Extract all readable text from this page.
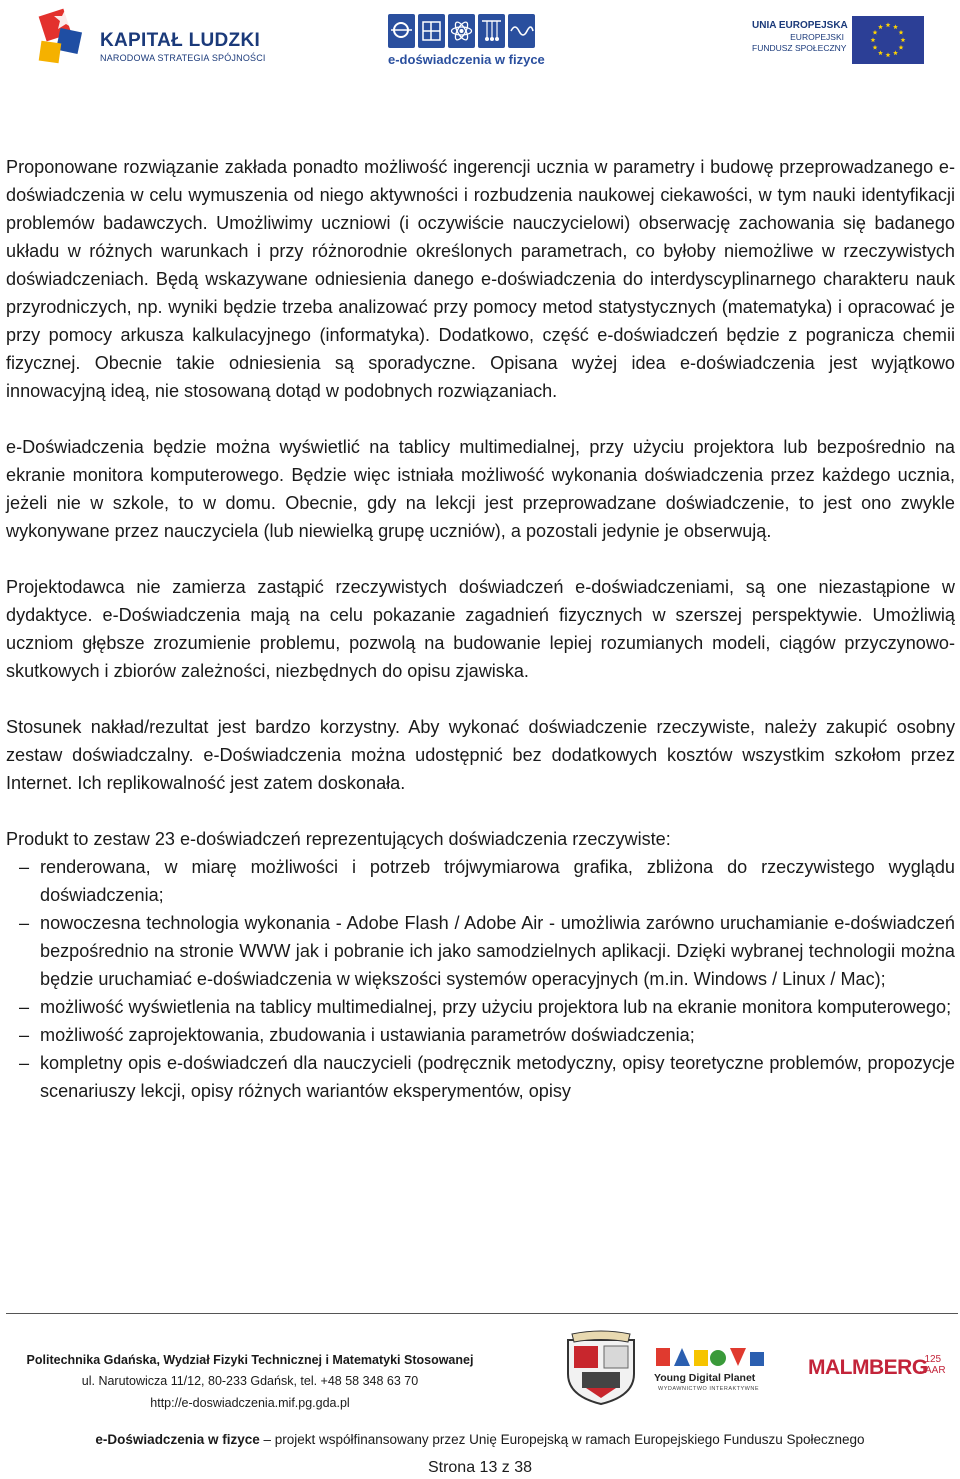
KAPITAŁ LUDZKI
NARODOWA STRATEGIA SPÓJNOŚCI	e-doświadczenia w fizyce
UNIA EUROPEJSKA
EUROPEJSKI
FUNDUSZ SPOŁECZNY

Proponowane rozwiązanie zakłada ponadto możliwość ingerencji ucznia w parametry i budowę przeprowadzanego e-doświadczenia w celu wymuszenia od niego aktywności i rozbudzenia naukowej ciekawości, w tym nauki identyfikacji problemów badawczych. Umożliwimy uczniowi (i oczywiście nauczycielowi) obserwację zachowania się badanego układu w różnych warunkach i przy różnorodnie określonych parametrach, co byłoby niemożliwe w rzeczywistych doświadczeniach. Będą wskazywane odniesienia danego e-doświadczenia do interdyscyplinarnego charakteru nauk przyrodniczych, np. wyniki będzie trzeba analizować przy pomocy metod statystycznych (matematyka) i opracować je przy pomocy arkusza kalkulacyjnego (informatyka). Dodatkowo, część e-doświadczeń będzie z pogranicza chemii fizycznej. Obecnie takie odniesienia są sporadyczne. Opisana wyżej idea e-doświadczenia jest wyjątkowo innowacyjną ideą, nie stosowaną dotąd w podobnych rozwiązaniach.

e-Doświadczenia będzie można wyświetlić na tablicy multimedialnej, przy użyciu projektora lub bezpośrednio na ekranie monitora komputerowego. Będzie więc istniała możliwość wykonania doświadczenia przez każdego ucznia, jeżeli nie w szkole, to w domu. Obecnie, gdy na lekcji jest przeprowadzane doświadczenie, to jest ono zwykle wykonywane przez nauczyciela (lub niewielką grupę uczniów), a pozostali jedynie je obserwują.

Projektodawca nie zamierza zastąpić rzeczywistych doświadczeń e-doświadczeniami, są one niezastąpione w dydaktyce. e-Doświadczenia mają na celu pokazanie zagadnień fizycznych w szerszej perspektywie. Umożliwią uczniom głębsze zrozumienie problemu, pozwolą na budowanie lepiej rozumianych modeli, ciągów przyczynowo-skutkowych i zbiorów zależności, niezbędnych do opisu zjawiska.

Stosunek nakład/rezultat jest bardzo korzystny. Aby wykonać doświadczenie rzeczywiste, należy zakupić osobny zestaw doświadczalny. e-Doświadczenia można udostępnić bez dodatkowych kosztów wszystkim szkołom przez Internet. Ich replikowalność jest zatem doskonała.

Produkt to zestaw 23 e-doświadczeń reprezentujących doświadczenia rzeczywiste:

– renderowana, w miarę możliwości i potrzeb trójwymiarowa grafika, zbliżona do rzeczywistego wyglądu doświadczenia;
– nowoczesna technologia wykonania - Adobe Flash / Adobe Air - umożliwia zarówno uruchamianie e-doświadczeń bezpośrednio na stronie WWW jak i pobranie ich jako samodzielnych aplikacji. Dzięki wybranej technologii można będzie uruchamiać e-doświadczenia w większości systemów operacyjnych (m.in. Windows / Linux / Mac);
– możliwość wyświetlenia na tablicy multimedialnej, przy użyciu projektora lub na ekranie monitora komputerowego;
– możliwość zaprojektowania, zbudowania i ustawiania parametrów doświadczenia;
– kompletny opis e-doświadczeń dla nauczycieli (podręcznik metodyczny, opisy teoretyczne problemów, propozycje scenariuszy lekcji, opisy różnych wariantów eksperymentów, opisy
Politechnika Gdańska, Wydział Fizyki Technicznej i Matematyki Stosowanej
ul. Narutowicza 11/12, 80-233 Gdańsk, tel. +48 58 348 63 70
http://e-doswiadczenia.mif.pg.gda.pl
Young Digital Planet
WYDAWNICTWO INTERAKTYWNE
MALMBERG
125
JAAR
e-Doświadczenia w fizyce – projekt współfinansowany przez Unię Europejską w ramach Europejskiego Funduszu Społecznego
Strona 13 z 38
